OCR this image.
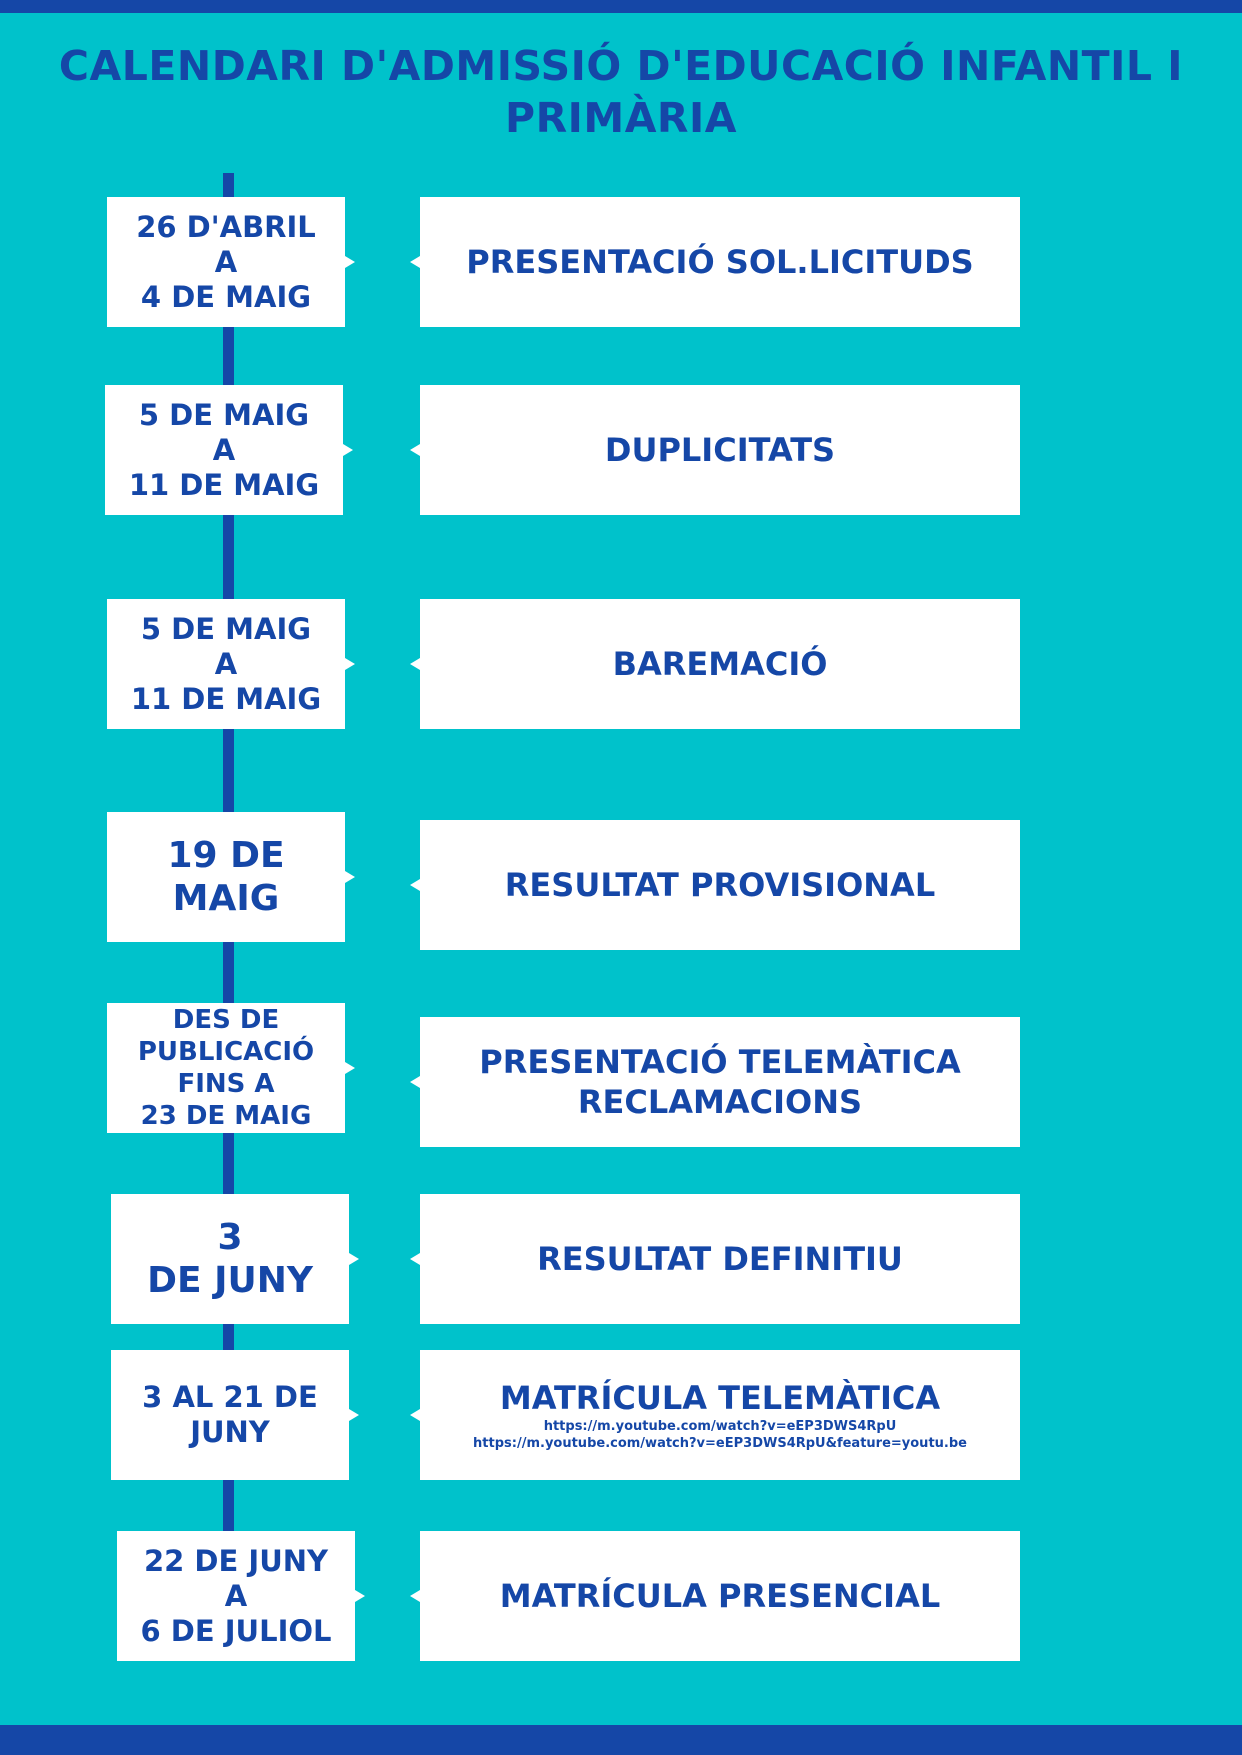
CALENDARI D'ADMISSIÓ D'EDUCACIÓ INFANTIL I
PRIMÀRIA
26 D'ABRIL
A
4 DE MAIG
PRESENTACIÓ SOL.LICITUDS
5 DE MAIG
A
11 DE MAIG
DUPLICITATS
5 DE MAIG
A
11 DE MAIG
BAREMACIÓ
19 DE
MAIG	RESULTAT PROVISIONAL
DES DE
PUBLICACIÓ
FINS A
23 DE MAIG
PRESENTACIÓ TELEMÀTICA
RECLAMACIONS
3
DE JUNY
RESULTAT DEFINITIU
3 AL 21 DE
JUNY
MATRÍCULA TELEMÀTICA
https://m.youtube.com/watch?v=eEP3DWS4RpU
https://m.youtube.com/watch?v=eEP3DWS4RpU&feature=youtu.be
22 DE JUNY
A
6 DE JULIOL
MATRÍCULA PRESENCIAL
